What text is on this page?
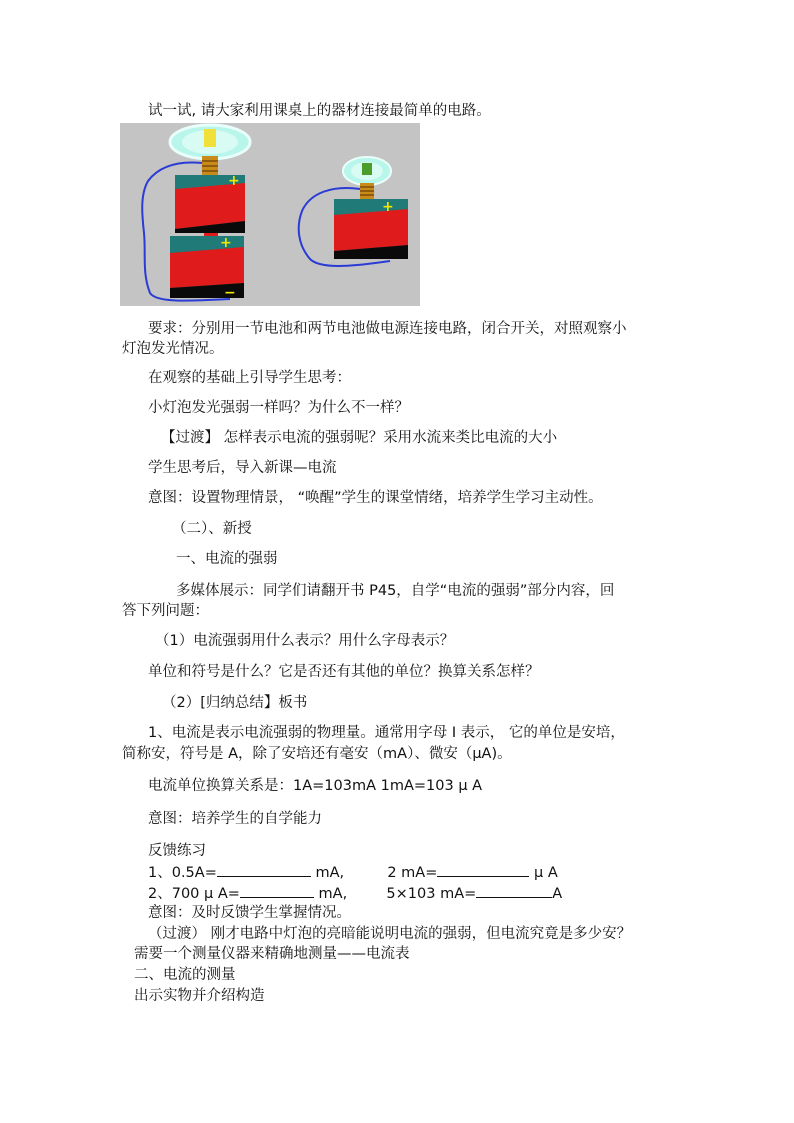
试一试, 请大家利用课桌上的器材连接最简单的电路。
+
+
−
+
要求：分别用一节电池和两节电池做电源连接电路，闭合开关，对照观察小
灯泡发光情况。
在观察的基础上引导学生思考：
小灯泡发光强弱一样吗？为什么不一样？
【过渡】 怎样表示电流的强弱呢？采用水流来类比电流的大小
学生思考后，导入新课—电流
意图：设置物理情景， “唤醒”学生的课堂情绪，培养学生学习主动性。
（二）、新授
一、电流的强弱
多媒体展示：同学们请翻开书 P45，自学“电流的强弱”部分内容，回
答下列问题：
（1）电流强弱用什么表示？用什么字母表示？
单位和符号是什么？它是否还有其他的单位？换算关系怎样？
（2）[归纳总结】板书
1、电流是表示电流强弱的物理量。通常用字母 I 表示， 它的单位是安培，
简称安，符号是 A，除了安培还有毫安（mA）、微安（μA)。
电流单位换算关系是：1A=103mA 1mA=103 μ A
意图：培养学生的自学能力
反馈练习
1、0.5A=	mA,	2 mA=	μ A
2、700 μ A=	mA,	5×103 mA=	A
意图：及时反馈学生掌握情况。
（过渡） 刚才电路中灯泡的亮暗能说明电流的强弱，但电流究竟是多少安？
需要一个测量仪器来精确地测量——电流表
二、电流的测量
出示实物并介绍构造
